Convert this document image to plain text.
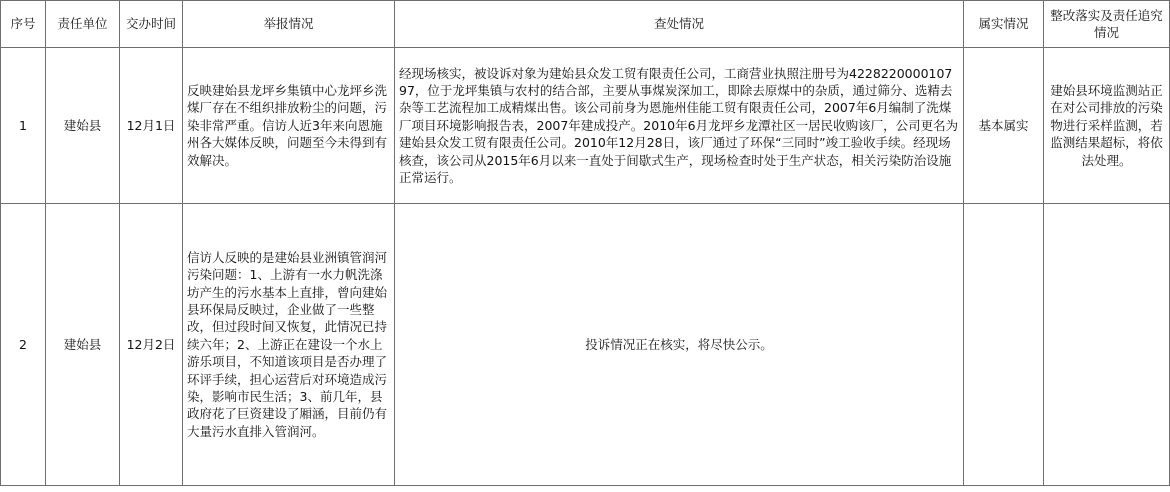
序号	责任单位	交办时间	举报情况	查处情况	属实情况	整改落实及责任追究情况
1	建始县	12月1日	反映建始县龙坪乡集镇中心龙坪乡洗煤厂存在不组织排放粉尘的问题，污染非常严重。信访人近3年来向恩施州各大媒体反映，问题至今未得到有效解决。	经现场核实，被设诉对象为建始县众发工贸有限责任公司，工商营业执照注册号为422822000010797，位于龙坪集镇与农村的结合部，主要从事煤炭深加工，即除去原煤中的杂质，通过筛分、选精去杂等工艺流程加工成精煤出售。该公司前身为恩施州佳能工贸有限责任公司，2007年6月编制了洗煤厂项目环境影响报告表，2007年建成投产。2010年6月龙坪乡龙潭社区一居民收购该厂，公司更名为建始县众发工贸有限责任公司。2010年12月28日，该厂通过了环保“三同时”竣工验收手续。经现场核查，该公司从2015年6月以来一直处于间歇式生产，现场检查时处于生产状态，相关污染防治设施正常运行。	基本属实	建始县环境监测站正在对公司排放的污染物进行采样监测，若监测结果超标，将依法处理。
2	建始县	12月2日	信访人反映的是建始县业洲镇管润河污染问题：1、上游有一水力帆洗涤坊产生的污水基本上直排，曾向建始县环保局反映过，企业做了一些整改，但过段时间又恢复，此情况已持续六年；2、上游正在建设一个水上游乐项目，不知道该项目是否办理了环评手续，担心运营后对环境造成污染，影响市民生活；3、前几年，县政府花了巨资建设了厢涵，目前仍有大量污水直排入管润河。	投诉情况正在核实，将尽快公示。		
